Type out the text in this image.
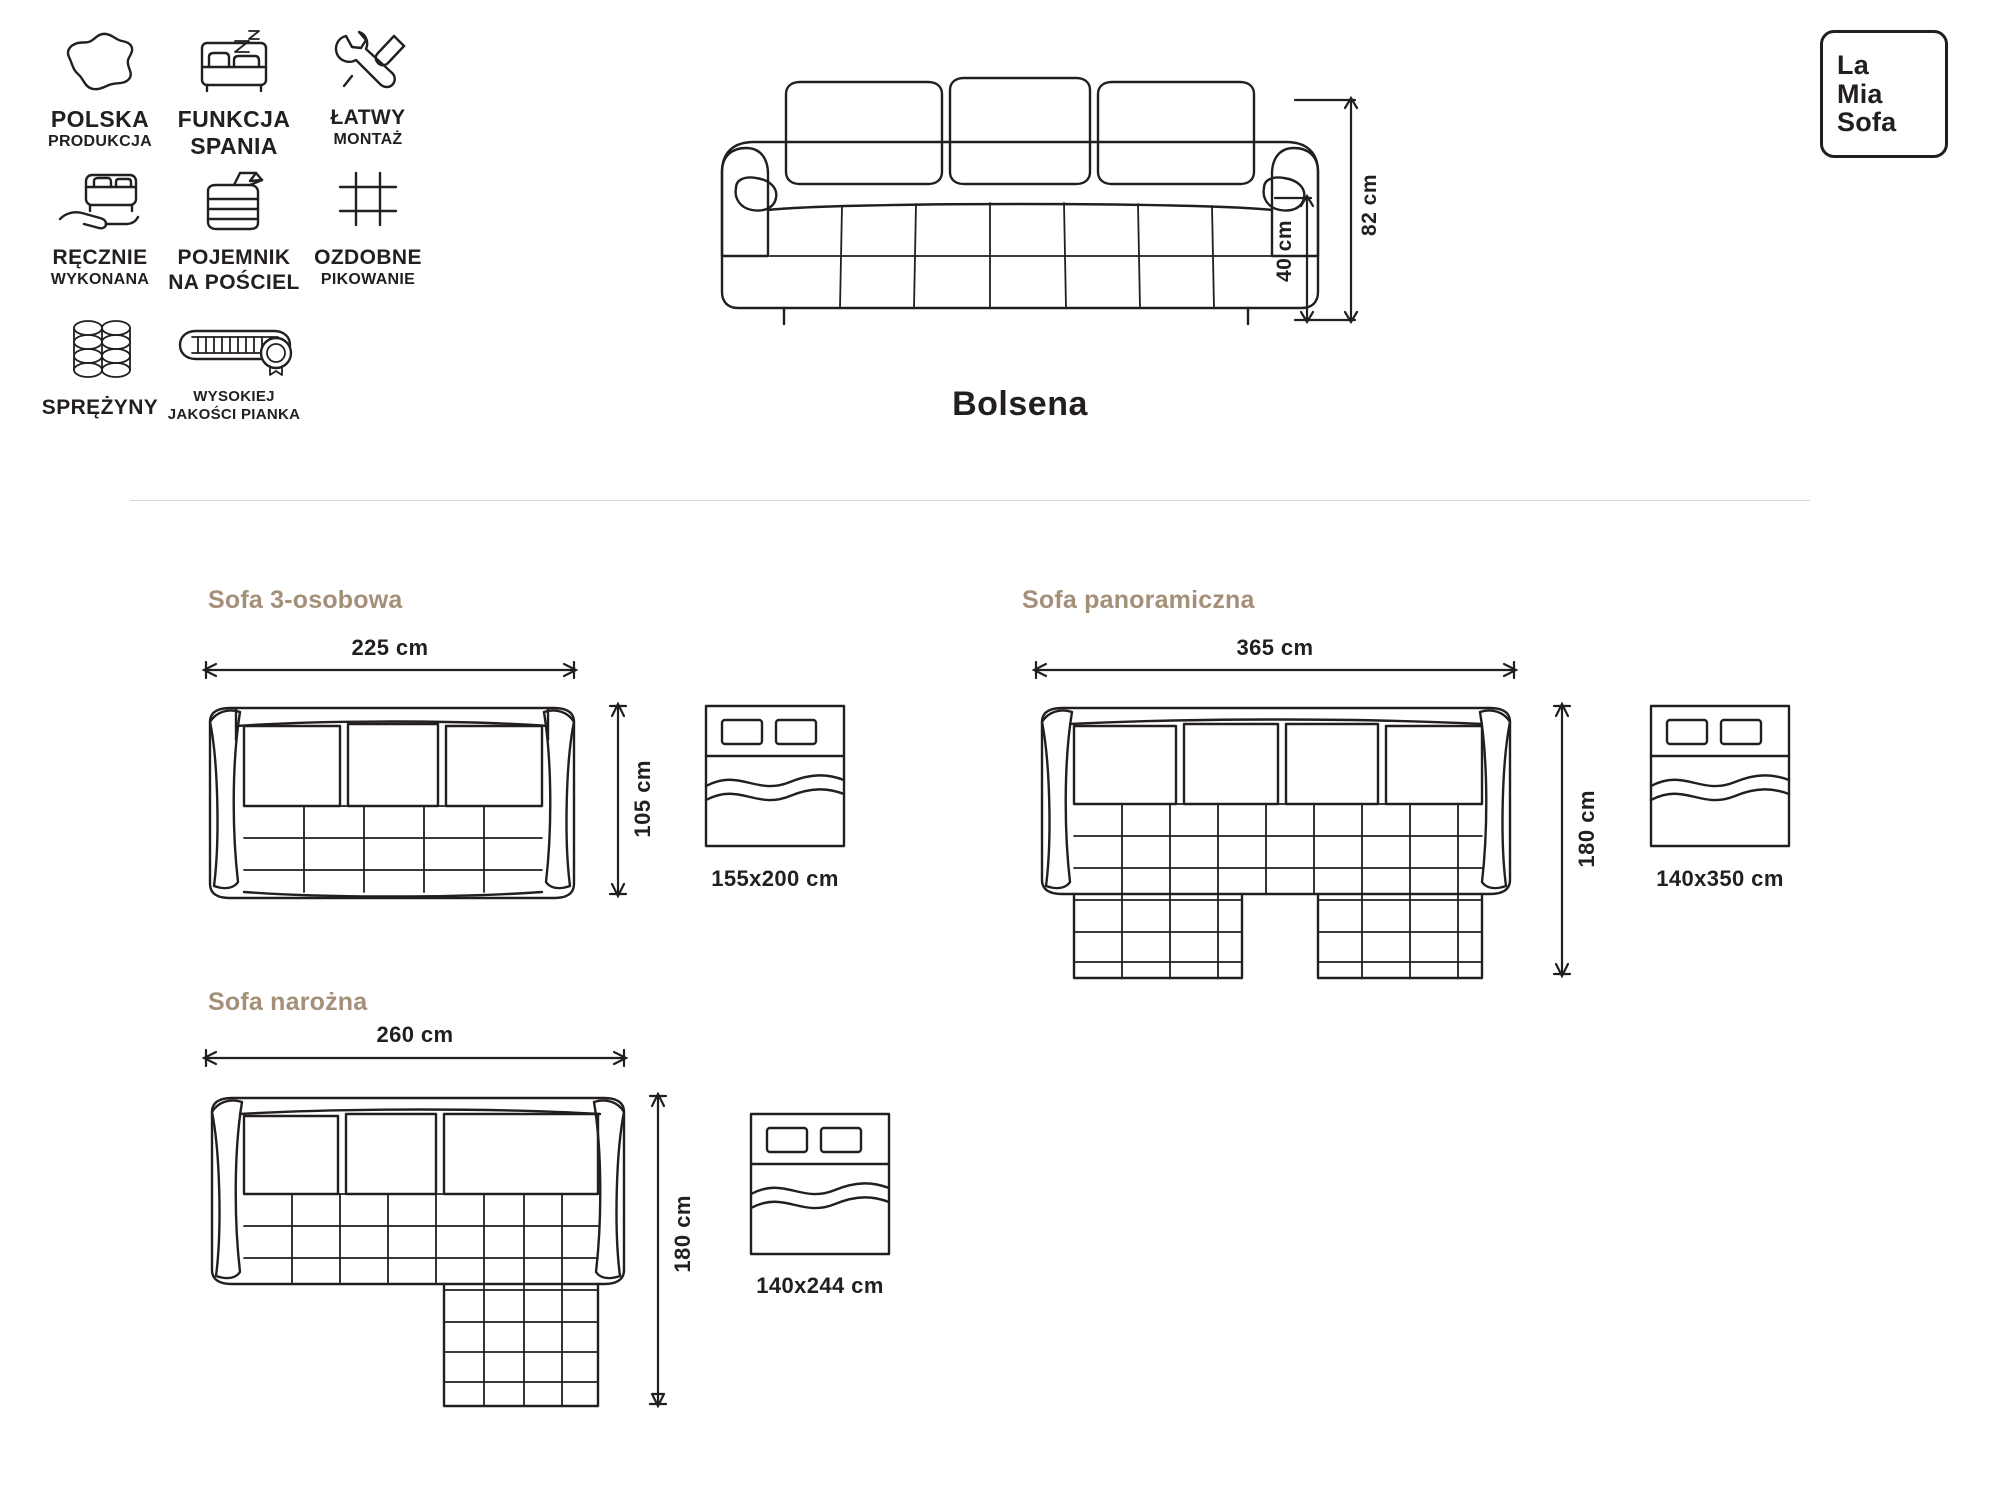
POLSKA
PRODUKCJA
FUNKCJA
SPANIA
ŁATWY
MONTAŻ
RĘCZNIE
WYKONANA
POJEMNIK
NA POŚCIEL
OZDOBNE
PIKOWANIE
SPRĘŻYNY	WYSOKIEJ
JAKOŚCI PIANKA
82 cm
40 cm
Bolsena
La
Mia
Sofa
Sofa 3-osobowa
225 cm
105 cm
155x200 cm
Sofa panoramiczna
365 cm
180 cm
140x350 cm
Sofa narożna
260 cm
180 cm
140x244 cm
